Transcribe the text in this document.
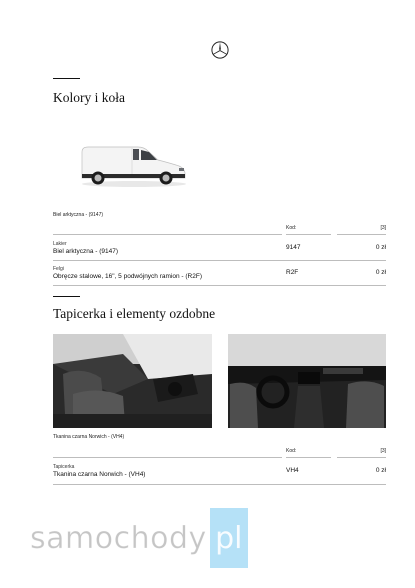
Kolory i koła
Biel arktyczna - (9147)
Kod:	[3]
Lakier
Biel arktyczna - (9147)
9147	0 zł
Felgi
Obręcze stalowe, 16", 5 podwójnych ramion - (R2F)
R2F	0 zł
Tapicerka i elementy ozdobne
Tkanina czarna Norwich - (VH4)
Kod:	[3]
Tapicerka
Tkanina czarna Norwich - (VH4)
VH4	0 zł
samochody pl
